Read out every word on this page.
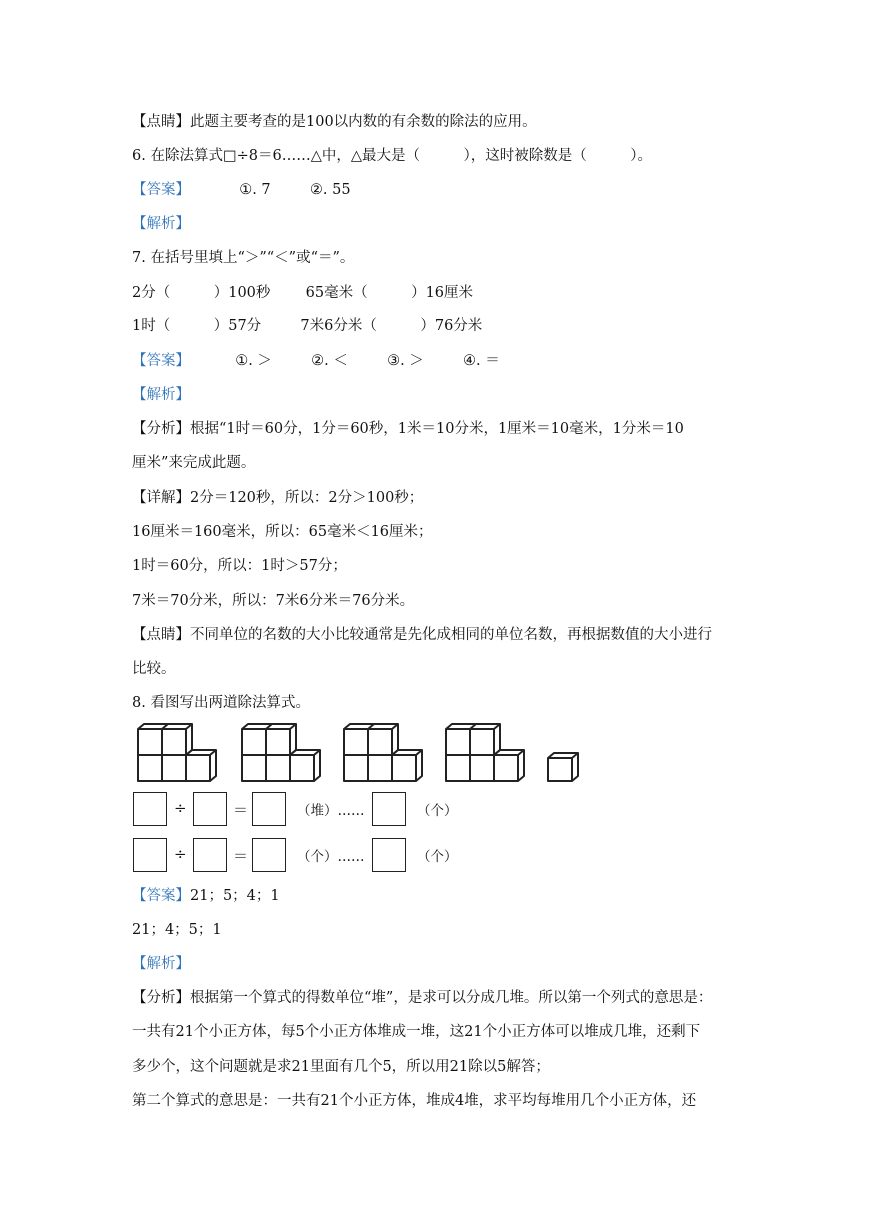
【点睛】此题主要考查的是100以内数的有余数的除法的应用。
6. 在除法算式□÷8＝6……△中，△最大是（　　　），这时被除数是（　　　）。
【答案】	①. 7	②. 55
【解析】
7. 在括号里填上“＞”“＜”或“＝”。
2分（　　　）100秒 65毫米（　　　）16厘米
1时（　　　）57分	7米6分米（　　　）76分米
【答案】	①. ＞	②. ＜	③. ＞	④. ＝
【解析】
【分析】根据“1时＝60分，1分＝60秒，1米＝10分米，1厘米＝10毫米，1分米＝10
厘米”来完成此题。
【详解】2分＝120秒，所以：2分＞100秒；
16厘米＝160毫米，所以：65毫米＜16厘米；
1时＝60分，所以：1时＞57分；
7米＝70分米，所以：7米6分米＝76分米。
【点睛】不同单位的名数的大小比较通常是先化成相同的单位名数，再根据数值的大小进行
比较。
8. 看图写出两道除法算式。
÷	＝	（堆）……	（个）
÷	＝	（个）……	（个）
【答案】21；5；4；1
21；4；5；1
【解析】
【分析】根据第一个算式的得数单位“堆”，是求可以分成几堆。所以第一个列式的意思是：
一共有21个小正方体，每5个小正方体堆成一堆，这21个小正方体可以堆成几堆，还剩下
多少个，这个问题就是求21里面有几个5，所以用21除以5解答；
第二个算式的意思是：一共有21个小正方体，堆成4堆，求平均每堆用几个小正方体，还
